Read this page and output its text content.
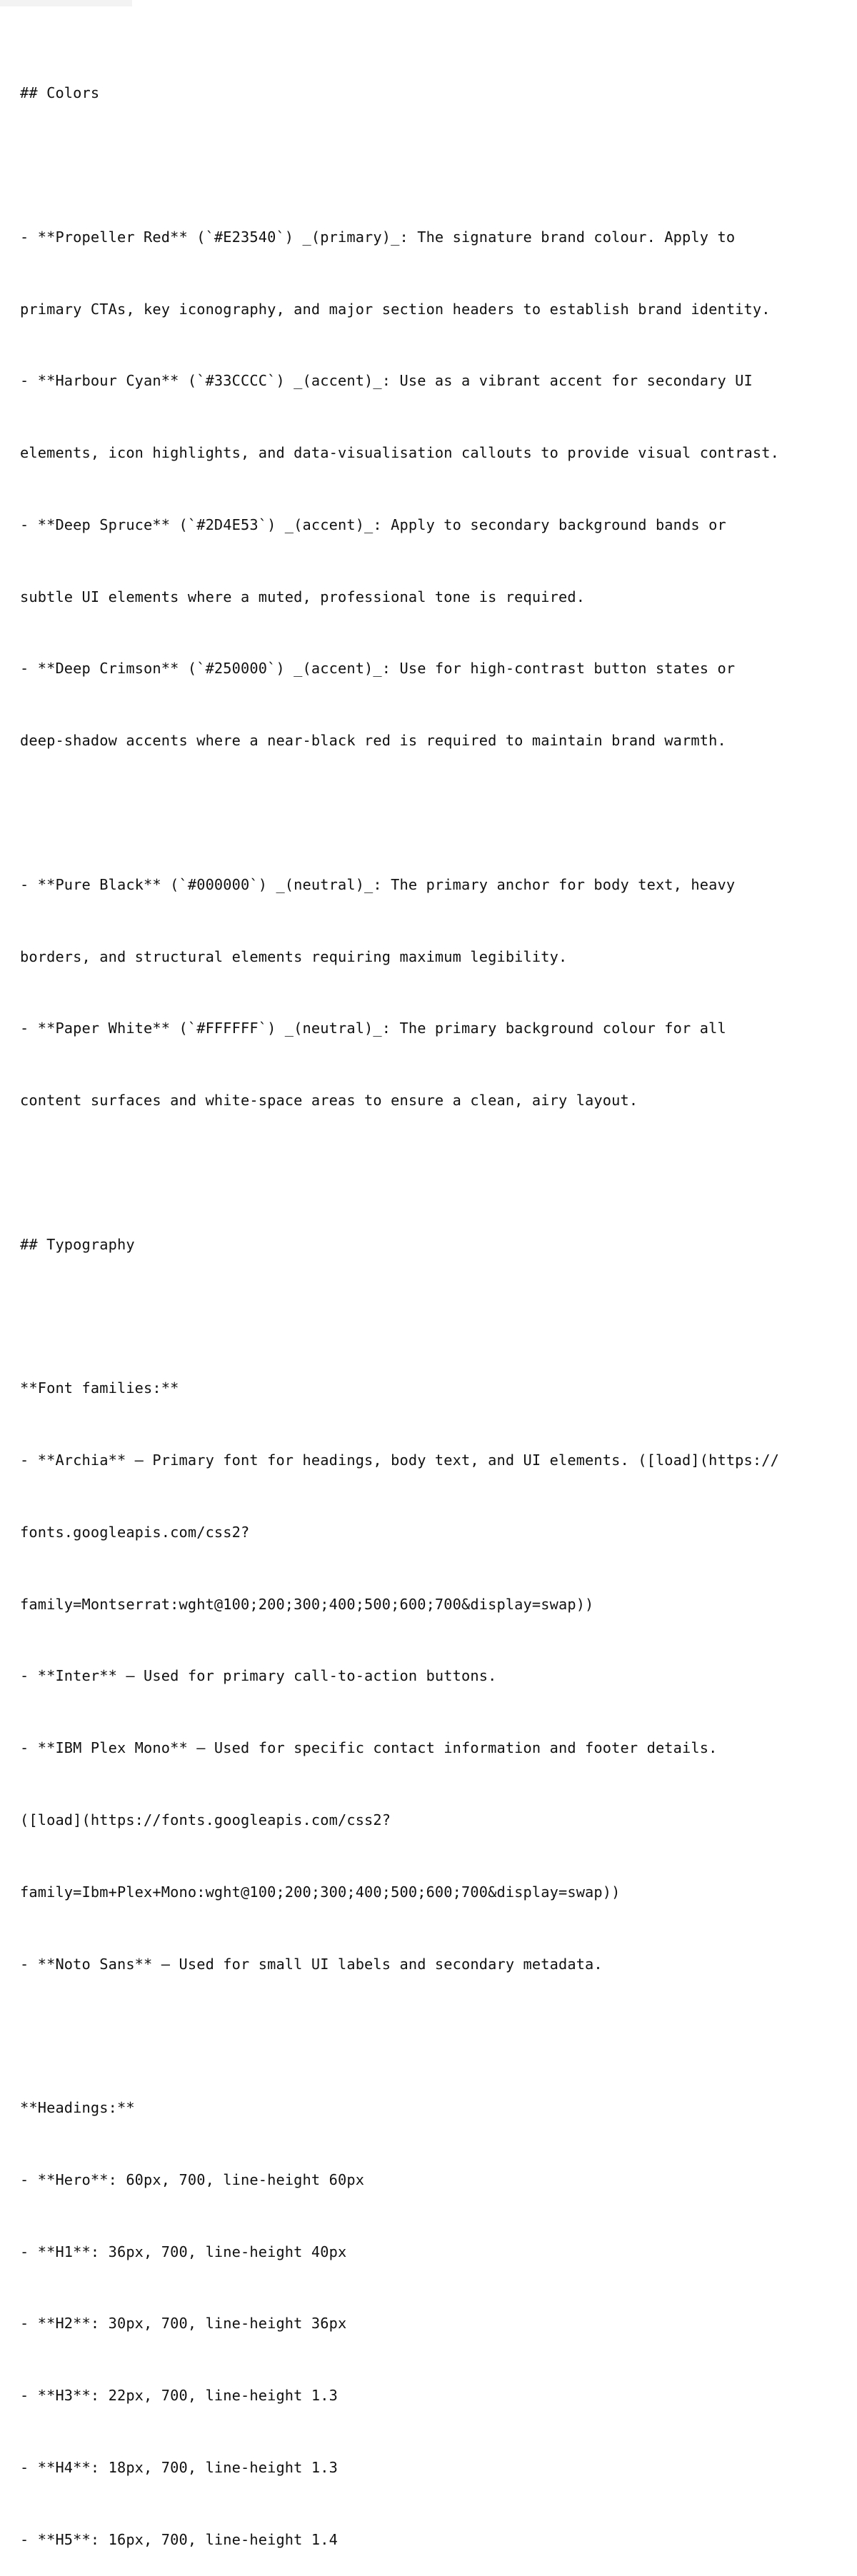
## Colors

- **Propeller Red** (`#E23540`) _(primary)_: The signature brand colour. Apply to

primary CTAs, key iconography, and major section headers to establish brand identity.

- **Harbour Cyan** (`#33CCCC`) _(accent)_: Use as a vibrant accent for secondary UI

elements, icon highlights, and data-visualisation callouts to provide visual contrast.

- **Deep Spruce** (`#2D4E53`) _(accent)_: Apply to secondary background bands or

subtle UI elements where a muted, professional tone is required.

- **Deep Crimson** (`#250000`) _(accent)_: Use for high-contrast button states or

deep-shadow accents where a near-black red is required to maintain brand warmth.

- **Pure Black** (`#000000`) _(neutral)_: The primary anchor for body text, heavy

borders, and structural elements requiring maximum legibility.

- **Paper White** (`#FFFFFF`) _(neutral)_: The primary background colour for all

content surfaces and white-space areas to ensure a clean, airy layout.

## Typography

**Font families:**

- **Archia** — Primary font for headings, body text, and UI elements. ([load](https://

fonts.googleapis.com/css2?

family=Montserrat:wght@100;200;300;400;500;600;700&display=swap))

- **Inter** — Used for primary call-to-action buttons.

- **IBM Plex Mono** — Used for specific contact information and footer details.

([load](https://fonts.googleapis.com/css2?

family=Ibm+Plex+Mono:wght@100;200;300;400;500;600;700&display=swap))

- **Noto Sans** — Used for small UI labels and secondary metadata.

**Headings:**

- **Hero**: 60px, 700, line-height 60px

- **H1**: 36px, 700, line-height 40px

- **H2**: 30px, 700, line-height 36px

- **H3**: 22px, 700, line-height 1.3

- **H4**: 18px, 700, line-height 1.3

- **H5**: 16px, 700, line-height 1.4
